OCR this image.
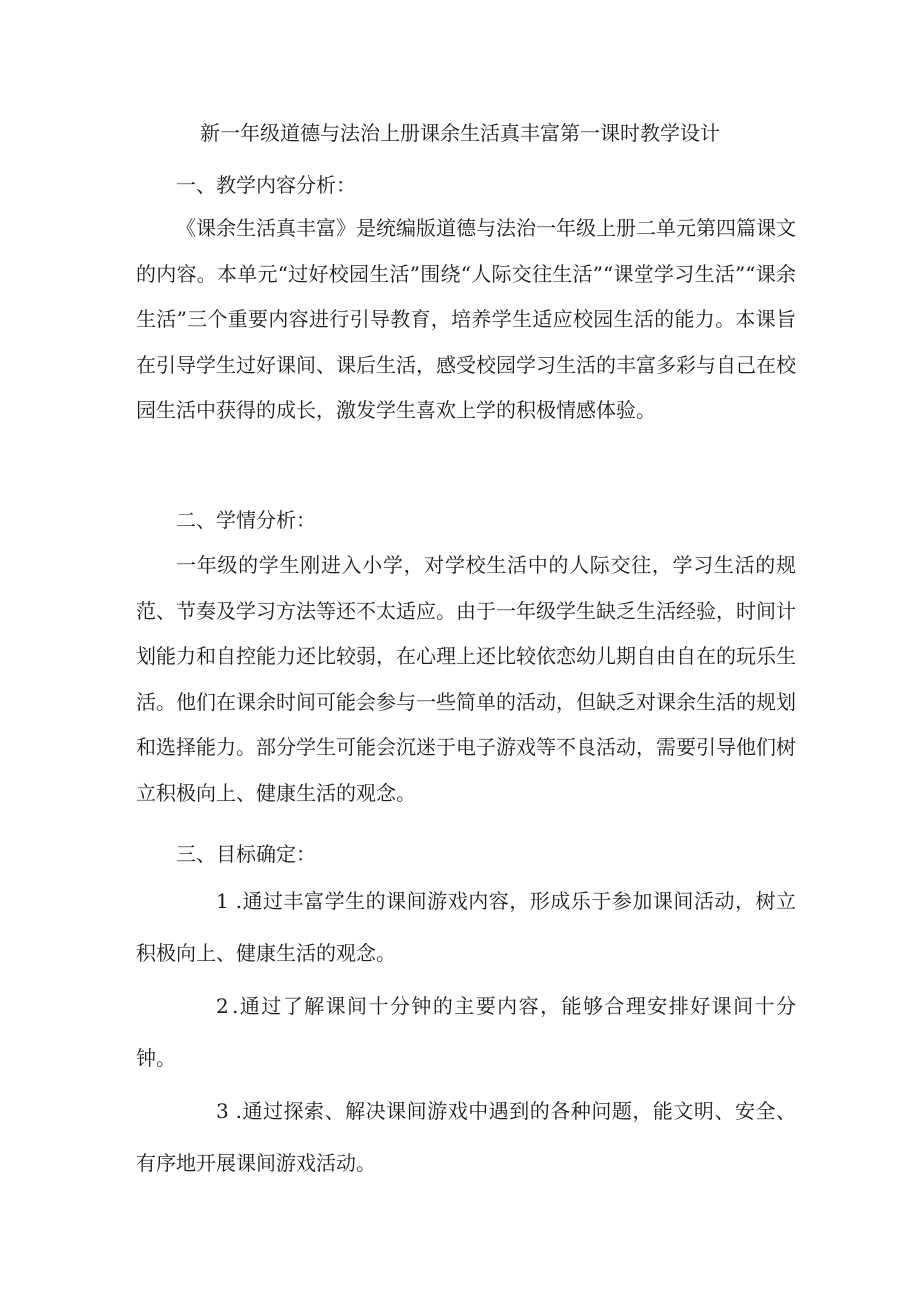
新一年级道德与法治上册课余生活真丰富第一课时教学设计
一、教学内容分析：

《课余生活真丰富》是统编版道德与法治一年级上册二单元第四篇课文的内容。本单元“过好校园生活”围绕“人际交往生活”“课堂学习生活”“课余生活”三个重要内容进行引导教育，培养学生适应校园生活的能力。本课旨在引导学生过好课间、课后生活，感受校园学习生活的丰富多彩与自己在校园生活中获得的成长，激发学生喜欢上学的积极情感体验。

二、学情分析：

一年级的学生刚进入小学，对学校生活中的人际交往，学习生活的规范、节奏及学习方法等还不太适应。由于一年级学生缺乏生活经验，时间计划能力和自控能力还比较弱，在心理上还比较依恋幼儿期自由自在的玩乐生活。他们在课余时间可能会参与一些简单的活动，但缺乏对课余生活的规划和选择能力。部分学生可能会沉迷于电子游戏等不良活动，需要引导他们树立积极向上、健康生活的观念。

三、目标确定：

1 .通过丰富学生的课间游戏内容，形成乐于参加课间活动，树立积极向上、健康生活的观念。

2 .通过了解课间十分钟的主要内容，能够合理安排好课间十分钟。

3 .通过探索、解决课间游戏中遇到的各种问题，能文明、安全、有序地开展课间游戏活动。
